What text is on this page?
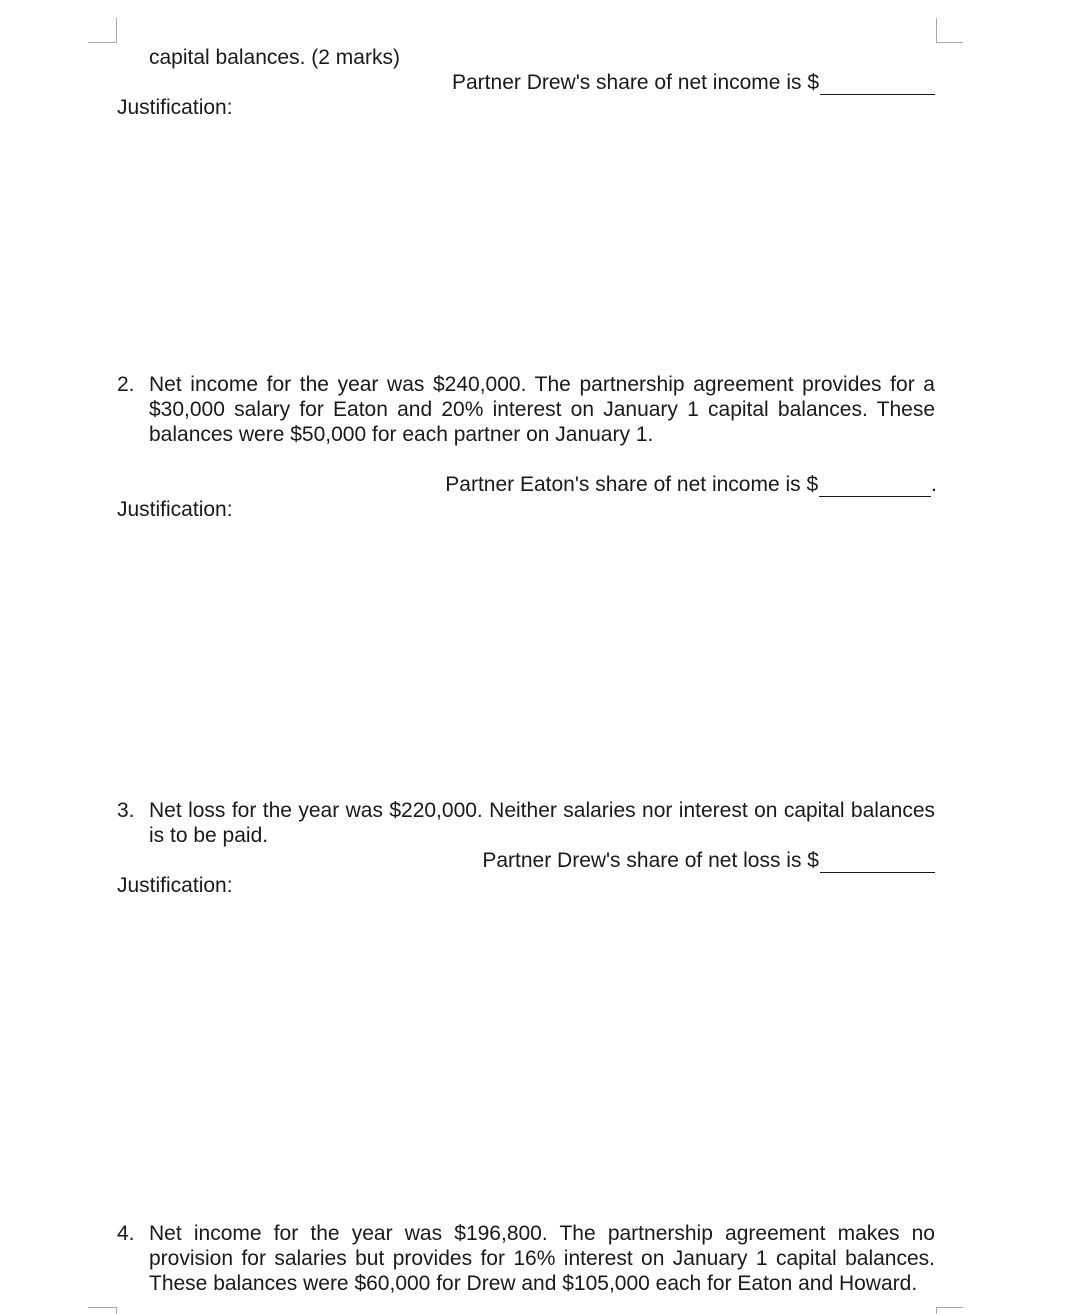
capital balances. (2 marks)
Partner Drew's share of net income is $
Justification:
2. Net income for the year was $240,000. The partnership agreement provides for a $30,000 salary for Eaton and 20% interest on January 1 capital balances. These balances were $50,000 for each partner on January 1.
Partner Eaton's share of net income is $	.
Justification:
3. Net loss for the year was $220,000. Neither salaries nor interest on capital balances is to be paid.
Partner Drew's share of net loss is $
Justification:
4. Net income for the year was $196,800. The partnership agreement makes no provision for salaries but provides for 16% interest on January 1 capital balances. These balances were $60,000 for Drew and $105,000 each for Eaton and Howard.
